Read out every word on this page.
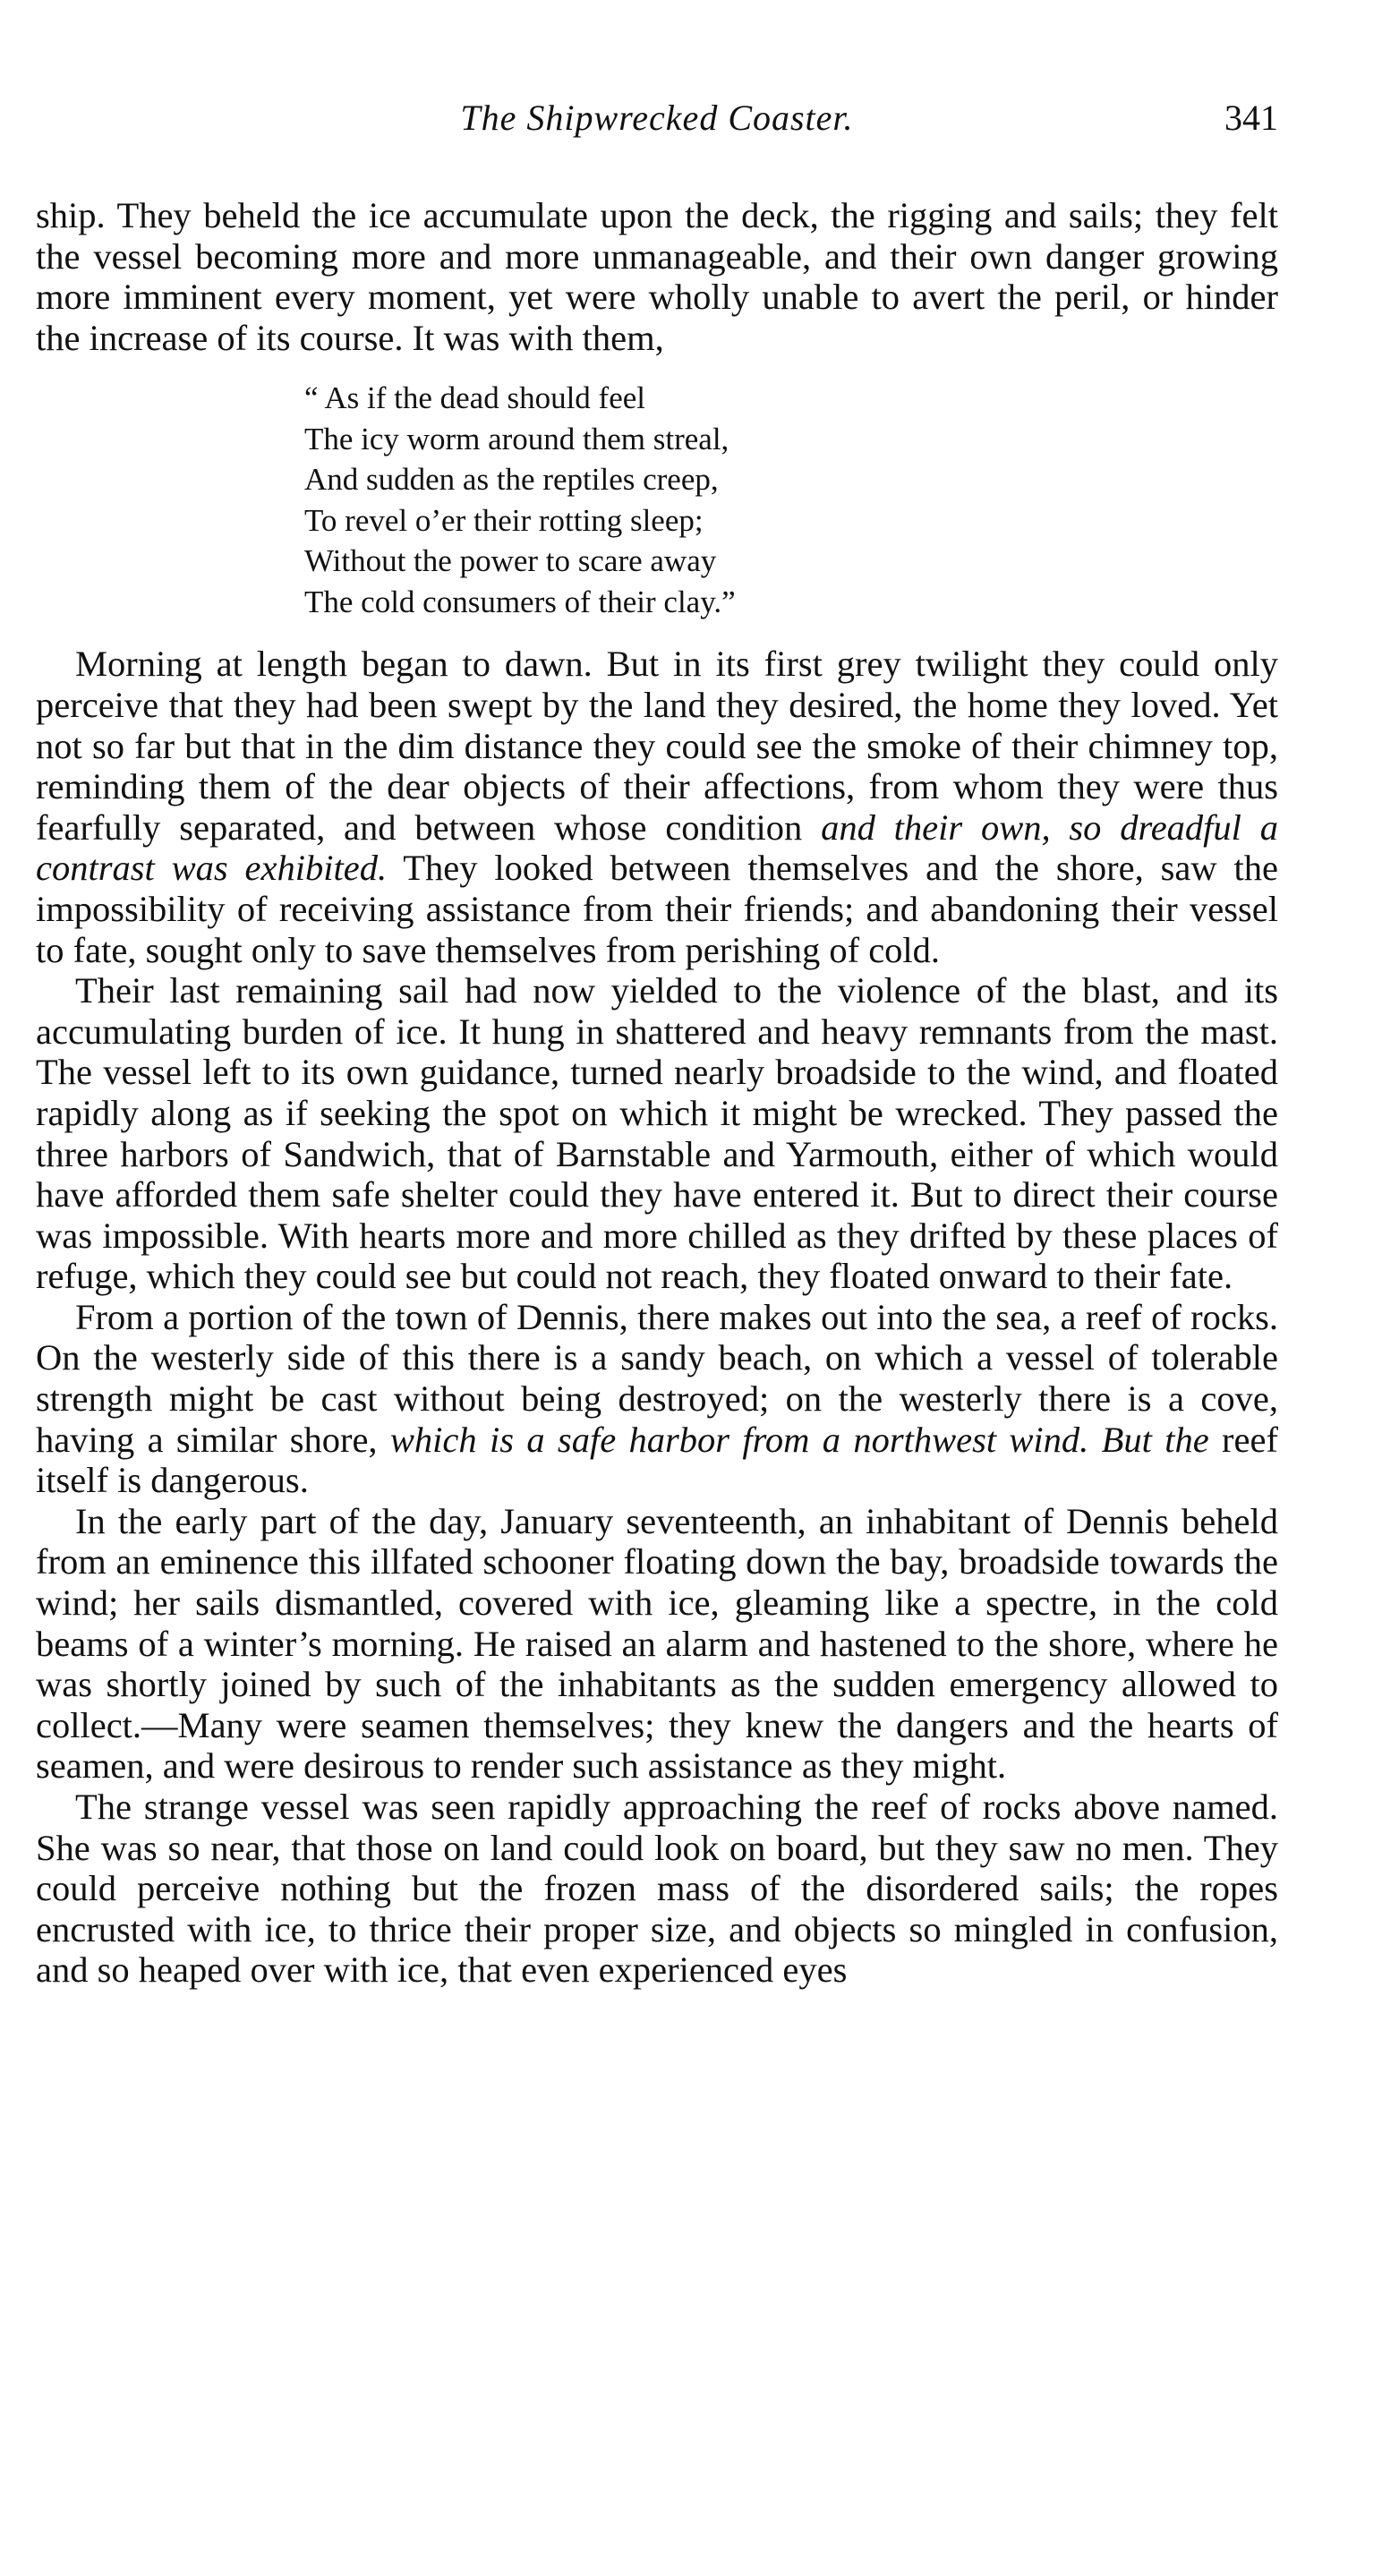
The Shipwrecked Coaster.	341

ship. They beheld the ice accumulate upon the deck, the rigging and sails; they felt the vessel becoming more and more unmanageable, and their own danger growing more imminent every moment, yet were wholly unable to avert the peril, or hinder the increase of its course. It was with them,

“ As if the dead should feel
The icy worm around them streal,
And sudden as the reptiles creep,
To revel o’er their rotting sleep;
Without the power to scare away
The cold consumers of their clay.”

Morning at length began to dawn. But in its first grey twilight they could only perceive that they had been swept by the land they desired, the home they loved. Yet not so far but that in the dim distance they could see the smoke of their chimney top, reminding them of the dear objects of their affections, from whom they were thus fearfully separated, and between whose condition and their own, so dreadful a contrast was exhibited. They looked between themselves and the shore, saw the impossibility of receiving assistance from their friends; and abandoning their vessel to fate, sought only to save themselves from perishing of cold.

Their last remaining sail had now yielded to the violence of the blast, and its accumulating burden of ice. It hung in shattered and heavy remnants from the mast. The vessel left to its own guidance, turned nearly broadside to the wind, and floated rapidly along as if seeking the spot on which it might be wrecked. They passed the three harbors of Sandwich, that of Barnstable and Yarmouth, either of which would have afforded them safe shelter could they have entered it. But to direct their course was impossible. With hearts more and more chilled as they drifted by these places of refuge, which they could see but could not reach, they floated onward to their fate.

From a portion of the town of Dennis, there makes out into the sea, a reef of rocks. On the westerly side of this there is a sandy beach, on which a vessel of tolerable strength might be cast without being destroyed; on the westerly there is a cove, having a similar shore, which is a safe harbor from a northwest wind. But the reef itself is dangerous.

In the early part of the day, January seventeenth, an inhabitant of Dennis beheld from an eminence this illfated schooner floating down the bay, broadside towards the wind; her sails dismantled, covered with ice, gleaming like a spectre, in the cold beams of a winter’s morning. He raised an alarm and hastened to the shore, where he was shortly joined by such of the inhabitants as the sudden emergency allowed to collect.—Many were seamen themselves; they knew the dangers and the hearts of seamen, and were desirous to render such assistance as they might.

The strange vessel was seen rapidly approaching the reef of rocks above named. She was so near, that those on land could look on board, but they saw no men. They could perceive nothing but the frozen mass of the disordered sails; the ropes encrusted with ice, to thrice their proper size, and objects so mingled in confusion, and so heaped over with ice, that even experienced eyes
